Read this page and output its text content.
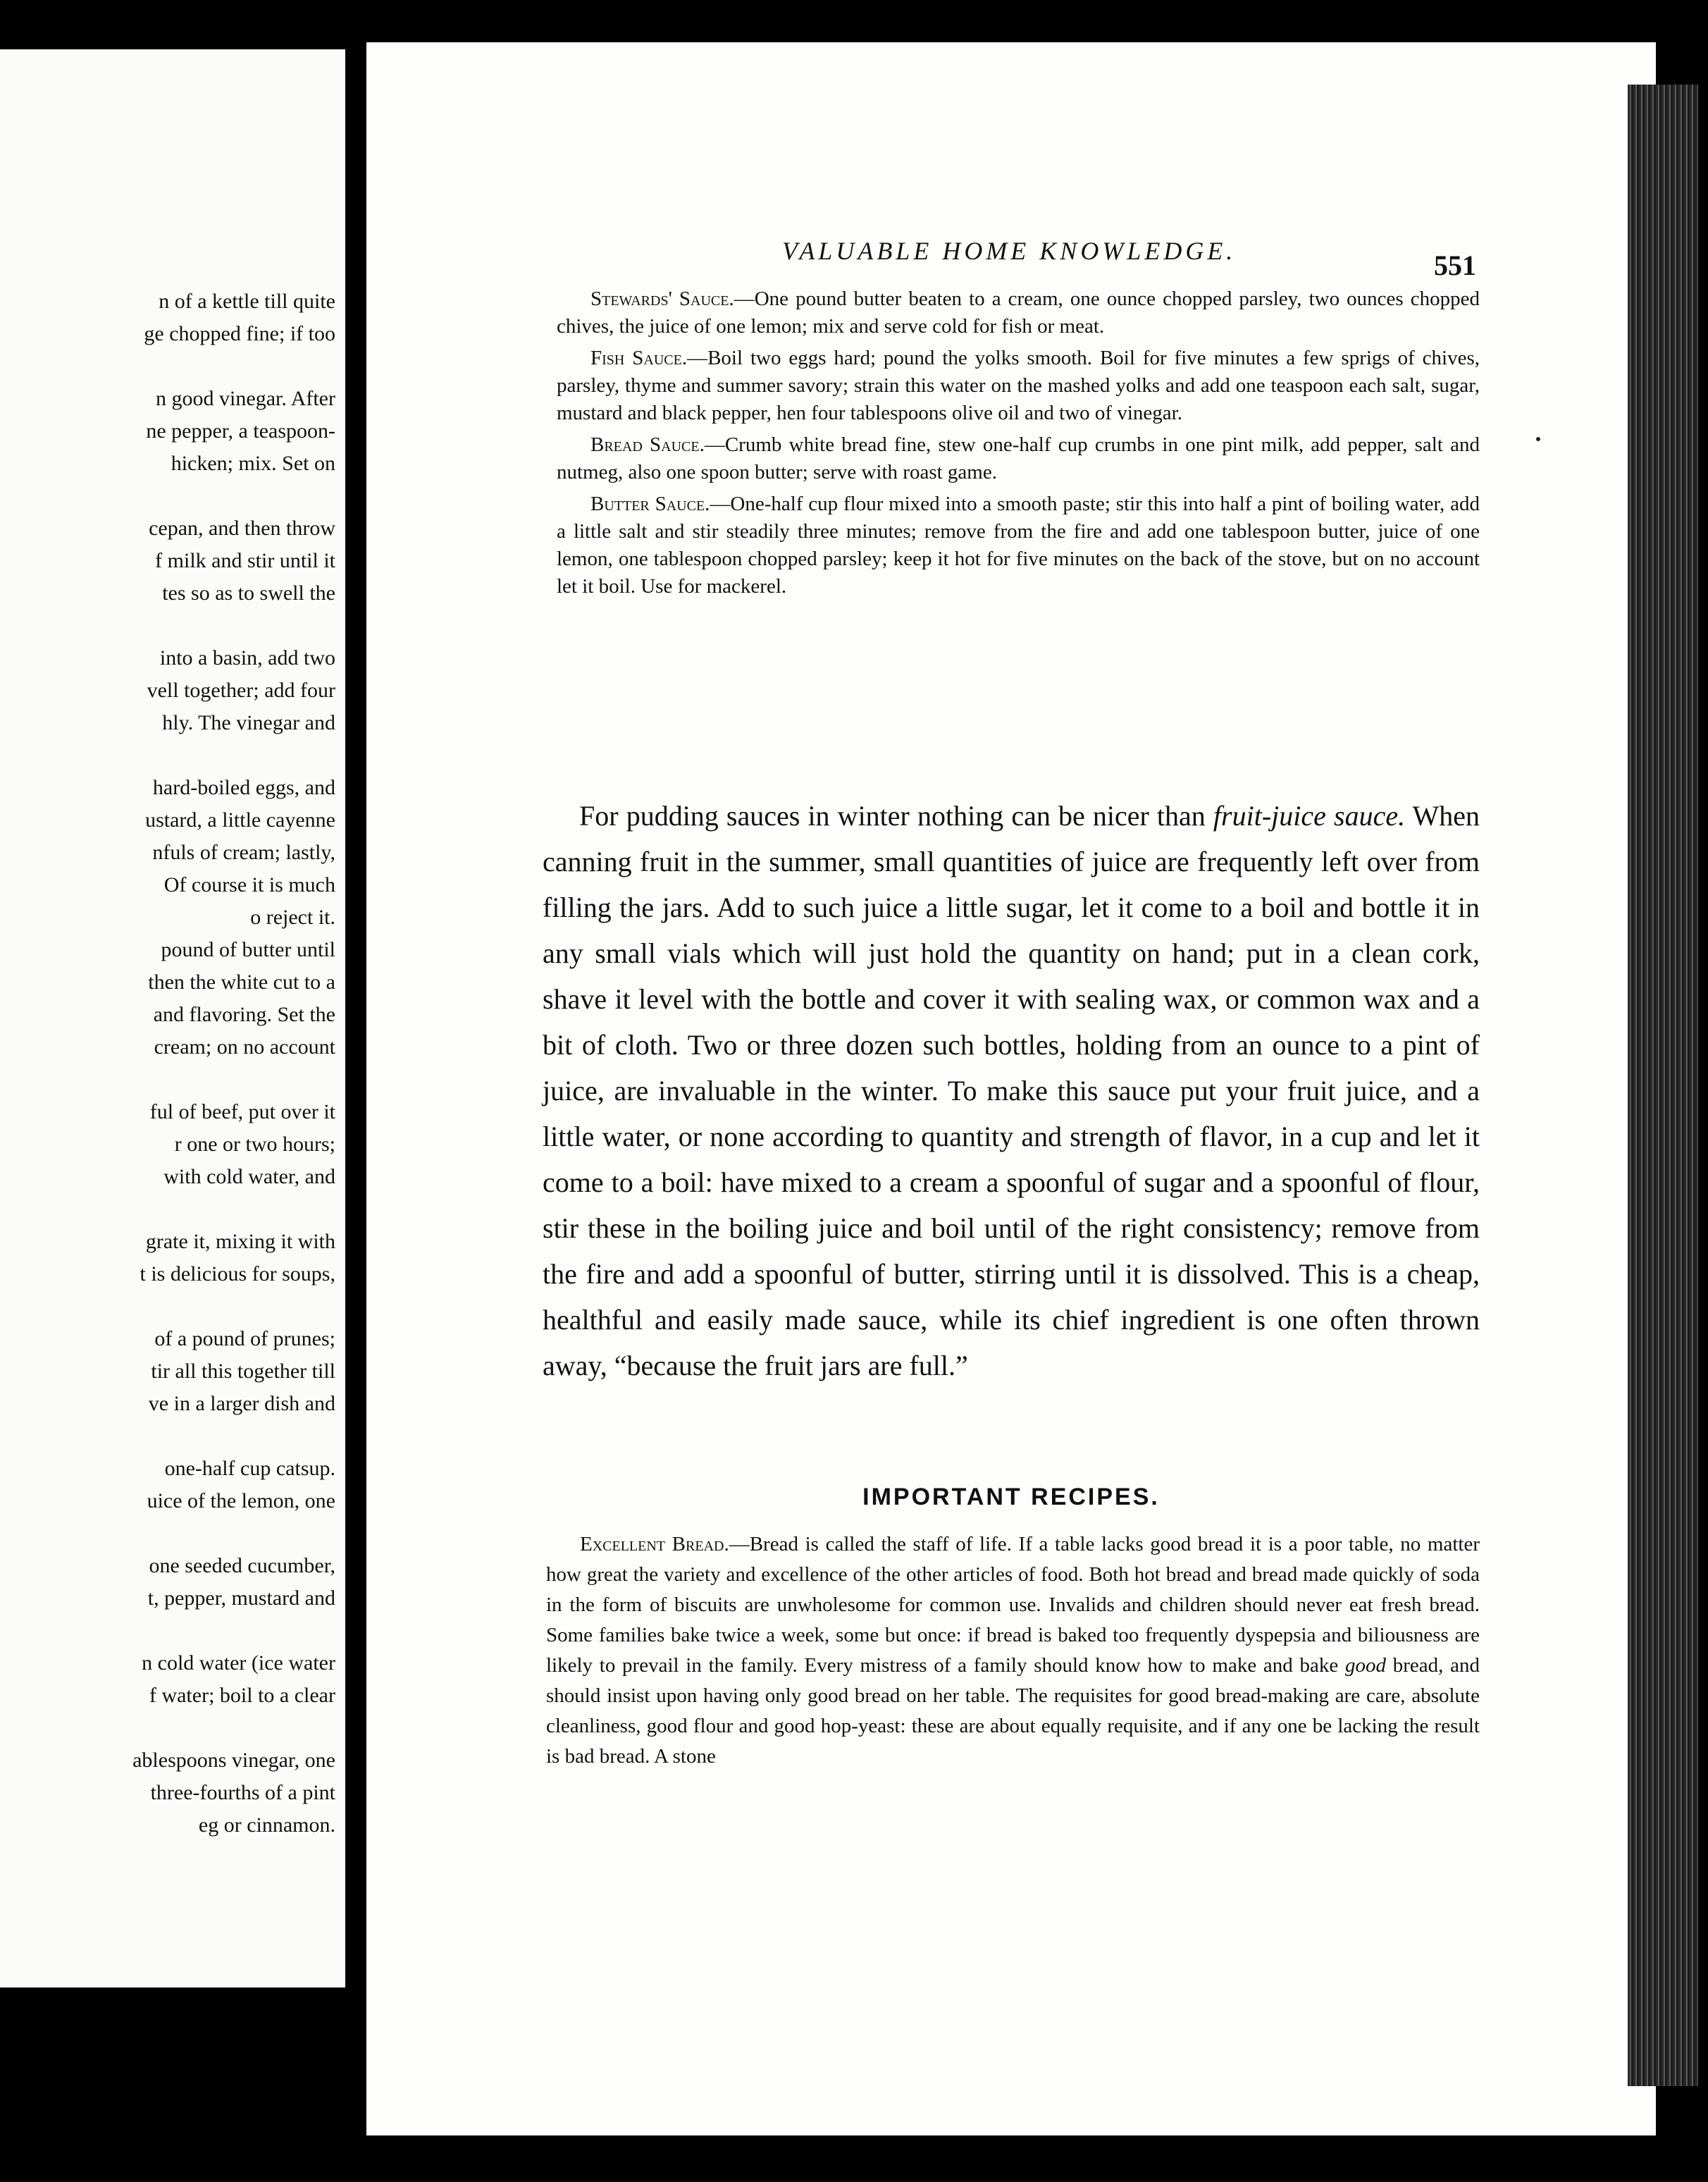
n of a kettle till quite
ge chopped fine; if too
n good vinegar. After
ne pepper, a teaspoon-
hicken; mix. Set on
cepan, and then throw
f milk and stir until it
tes so as to swell the
into a basin, add two
vell together; add four
hly. The vinegar and
hard-boiled eggs, and
ustard, a little cayenne
nfuls of cream; lastly,
Of course it is much
o reject it.
pound of butter until
then the white cut to a
and flavoring. Set the
cream; on no account
ful of beef, put over it
r one or two hours;
with cold water, and
grate it, mixing it with
t is delicious for soups,
of a pound of prunes;
tir all this together till
ve in a larger dish and
one-half cup catsup.
uice of the lemon, one
one seeded cucumber,
t, pepper, mustard and
n cold water (ice water
f water; boil to a clear
ablespoons vinegar, one
three-fourths of a pint
eg or cinnamon.
VALUABLE HOME KNOWLEDGE.	551

Stewards' Sauce.—One pound butter beaten to a cream, one ounce chopped parsley, two ounces chopped chives, the juice of one lemon; mix and serve cold for fish or meat.

Fish Sauce.—Boil two eggs hard; pound the yolks smooth. Boil for five minutes a few sprigs of chives, parsley, thyme and summer savory; strain this water on the mashed yolks and add one teaspoon each salt, sugar, mustard and black pepper, hen four tablespoons olive oil and two of vinegar.

Bread Sauce.—Crumb white bread fine, stew one-half cup crumbs in one pint milk, add pepper, salt and nutmeg, also one spoon butter; serve with roast game.

Butter Sauce.—One-half cup flour mixed into a smooth paste; stir this into half a pint of boiling water, add a little salt and stir steadily three minutes; remove from the fire and add one tablespoon butter, juice of one lemon, one tablespoon chopped parsley; keep it hot for five minutes on the back of the stove, but on no account let it boil. Use for mackerel.

For pudding sauces in winter nothing can be nicer than fruit-juice sauce. When canning fruit in the summer, small quantities of juice are frequently left over from filling the jars. Add to such juice a little sugar, let it come to a boil and bottle it in any small vials which will just hold the quantity on hand; put in a clean cork, shave it level with the bottle and cover it with sealing wax, or common wax and a bit of cloth. Two or three dozen such bottles, holding from an ounce to a pint of juice, are invaluable in the winter. To make this sauce put your fruit juice, and a little water, or none according to quantity and strength of flavor, in a cup and let it come to a boil: have mixed to a cream a spoonful of sugar and a spoonful of flour, stir these in the boiling juice and boil until of the right consistency; remove from the fire and add a spoonful of butter, stirring until it is dissolved. This is a cheap, healthful and easily made sauce, while its chief ingredient is one often thrown away, “because the fruit jars are full.”

IMPORTANT RECIPES.

Excellent Bread.—Bread is called the staff of life. If a table lacks good bread it is a poor table, no matter how great the variety and excellence of the other articles of food. Both hot bread and bread made quickly of soda in the form of biscuits are unwholesome for common use. Invalids and children should never eat fresh bread. Some families bake twice a week, some but once: if bread is baked too frequently dyspepsia and biliousness are likely to prevail in the family. Every mistress of a family should know how to make and bake good bread, and should insist upon having only good bread on her table. The requisites for good bread-making are care, absolute cleanliness, good flour and good hop-yeast: these are about equally requisite, and if any one be lacking the result is bad bread. A stone
